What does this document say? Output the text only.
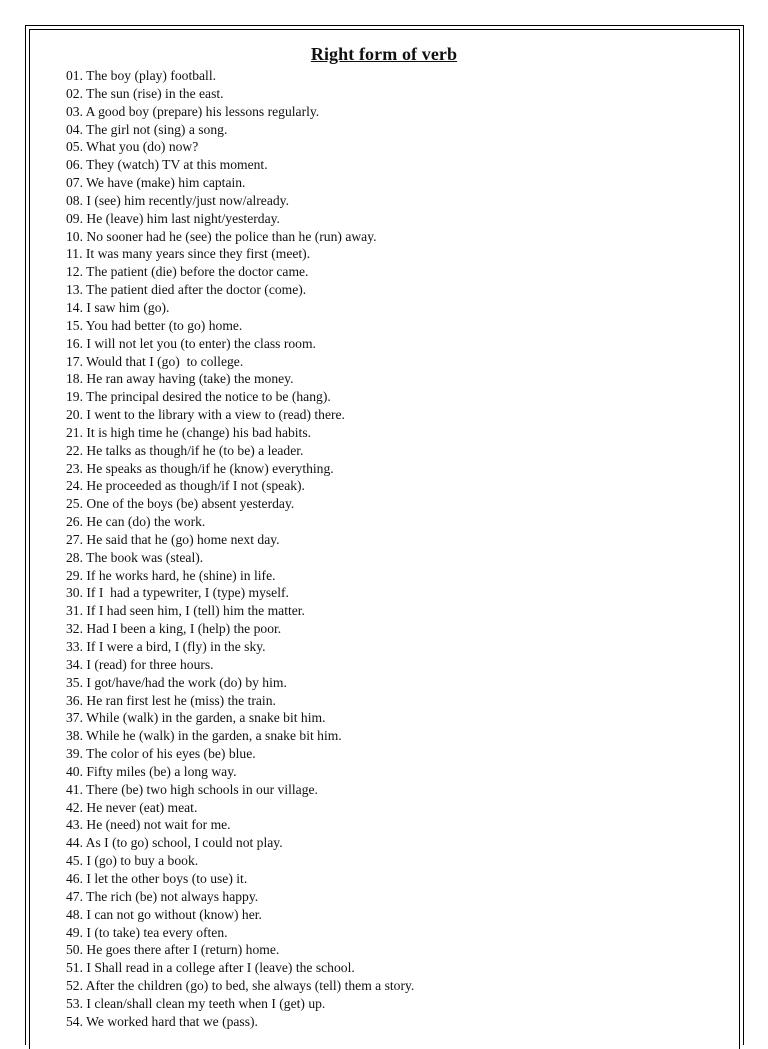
Right form of verb
01. The boy (play) football.
02. The sun (rise) in the east.
03. A good boy (prepare) his lessons regularly.
04. The girl not (sing) a song.
05. What you (do) now?
06. They (watch) TV at this moment.
07. We have (make) him captain.
08. I (see) him recently/just now/already.
09. He (leave) him last night/yesterday.
10. No sooner had he (see) the police than he (run) away.
11. It was many years since they first (meet).
12. The patient (die) before the doctor came.
13. The patient died after the doctor (come).
14. I saw him (go).
15. You had better (to go) home.
16. I will not let you (to enter) the class room.
17. Would that I (go)  to college.
18. He ran away having (take) the money.
19. The principal desired the notice to be (hang).
20. I went to the library with a view to (read) there.
21. It is high time he (change) his bad habits.
22. He talks as though/if he (to be) a leader.
23. He speaks as though/if he (know) everything.
24. He proceeded as though/if I not (speak).
25. One of the boys (be) absent yesterday.
26. He can (do) the work.
27. He said that he (go) home next day.
28. The book was (steal).
29. If he works hard, he (shine) in life.
30. If I  had a typewriter, I (type) myself.
31. If I had seen him, I (tell) him the matter.
32. Had I been a king, I (help) the poor.
33. If I were a bird, I (fly) in the sky.
34. I (read) for three hours.
35. I got/have/had the work (do) by him.
36. He ran first lest he (miss) the train.
37. While (walk) in the garden, a snake bit him.
38. While he (walk) in the garden, a snake bit him.
39. The color of his eyes (be) blue.
40. Fifty miles (be) a long way.
41. There (be) two high schools in our village.
42. He never (eat) meat.
43. He (need) not wait for me.
44. As I (to go) school, I could not play.
45. I (go) to buy a book.
46. I let the other boys (to use) it.
47. The rich (be) not always happy.
48. I can not go without (know) her.
49. I (to take) tea every often.
50. He goes there after I (return) home.
51. I Shall read in a college after I (leave) the school.
52. After the children (go) to bed, she always (tell) them a story.
53. I clean/shall clean my teeth when I (get) up.
54. We worked hard that we (pass).
